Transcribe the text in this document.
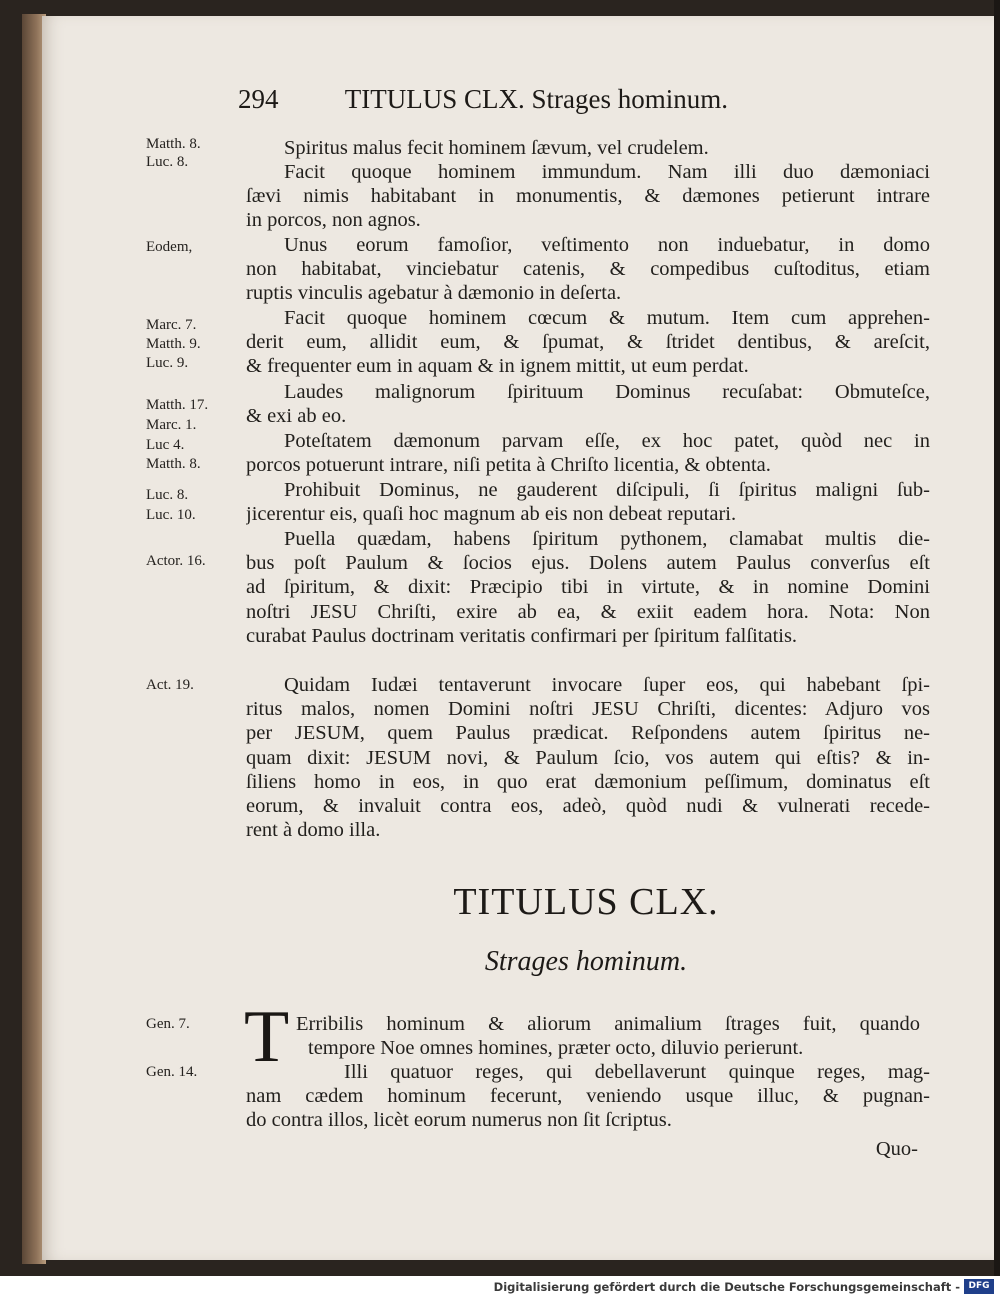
294 TITULUS CLX. Strages hominum.
Spiritus malus fecit hominem ſævum, vel crudelem.
Facit quoque hominem immundum. Nam illi duo dæmoniaci
ſævi nimis habitabant in monumentis, & dæmones petierunt intrare
in porcos, non agnos.
Unus eorum famoſior, veſtimento non induebatur, in domo
non habitabat, vinciebatur catenis, & compedibus cuſtoditus, etiam
ruptis vinculis agebatur à dæmonio in deſerta.
Facit quoque hominem cœcum & mutum. Item cum apprehen-
derit eum, allidit eum, & ſpumat, & ſtridet dentibus, & areſcit,
& frequenter eum in aquam & in ignem mittit, ut eum perdat.
Laudes malignorum ſpirituum Dominus recuſabat: Obmuteſce,
& exi ab eo.
Poteſtatem dæmonum parvam eſſe, ex hoc patet, quòd nec in
porcos potuerunt intrare, niſi petita à Chriſto licentia, & obtenta.
Prohibuit Dominus, ne gauderent diſcipuli, ſi ſpiritus maligni ſub-
jicerentur eis, quaſi hoc magnum ab eis non debeat reputari.
Puella quædam, habens ſpiritum pythonem, clamabat multis die-
bus poſt Paulum & ſocios ejus. Dolens autem Paulus converſus eſt
ad ſpiritum, & dixit: Præcipio tibi in virtute, & in nomine Domini
noſtri JESU Chriſti, exire ab ea, & exiit eadem hora. Nota: Non
curabat Paulus doctrinam veritatis confirmari per ſpiritum falſitatis.
Quidam Iudæi tentaverunt invocare ſuper eos, qui habebant ſpi-
ritus malos, nomen Domini noſtri JESU Chriſti, dicentes: Adjuro vos
per JESUM, quem Paulus prædicat. Reſpondens autem ſpiritus ne-
quam dixit: JESUM novi, & Paulum ſcio, vos autem qui eſtis? & in-
ſiliens homo in eos, in quo erat dæmonium peſſimum, dominatus eſt
eorum, & invaluit contra eos, adeò, quòd nudi & vulnerati recede-
rent à domo illa.
Matth. 8.
Luc. 8.
Eodem,
Marc. 7.
Matth. 9.
Luc. 9.
Matth. 17.
Marc. 1.
Luc 4.
Matth. 8.
Luc. 8.
Luc. 10.
Actor. 16.
Act. 19.
Gen. 7.
Gen. 14.
TITULUS CLX.
Strages hominum.
T Erribilis hominum & aliorum animalium ſtrages fuit, quando
tempore Noe omnes homines, præter octo, diluvio perierunt.
Illi quatuor reges, qui debellaverunt quinque reges, mag-
nam cædem hominum fecerunt, veniendo usque illuc, & pugnan-
do contra illos, licèt eorum numerus non ſit ſcriptus.
Quo-
Digitalisierung gefördert durch die Deutsche Forschungsgemeinschaft - DFG
